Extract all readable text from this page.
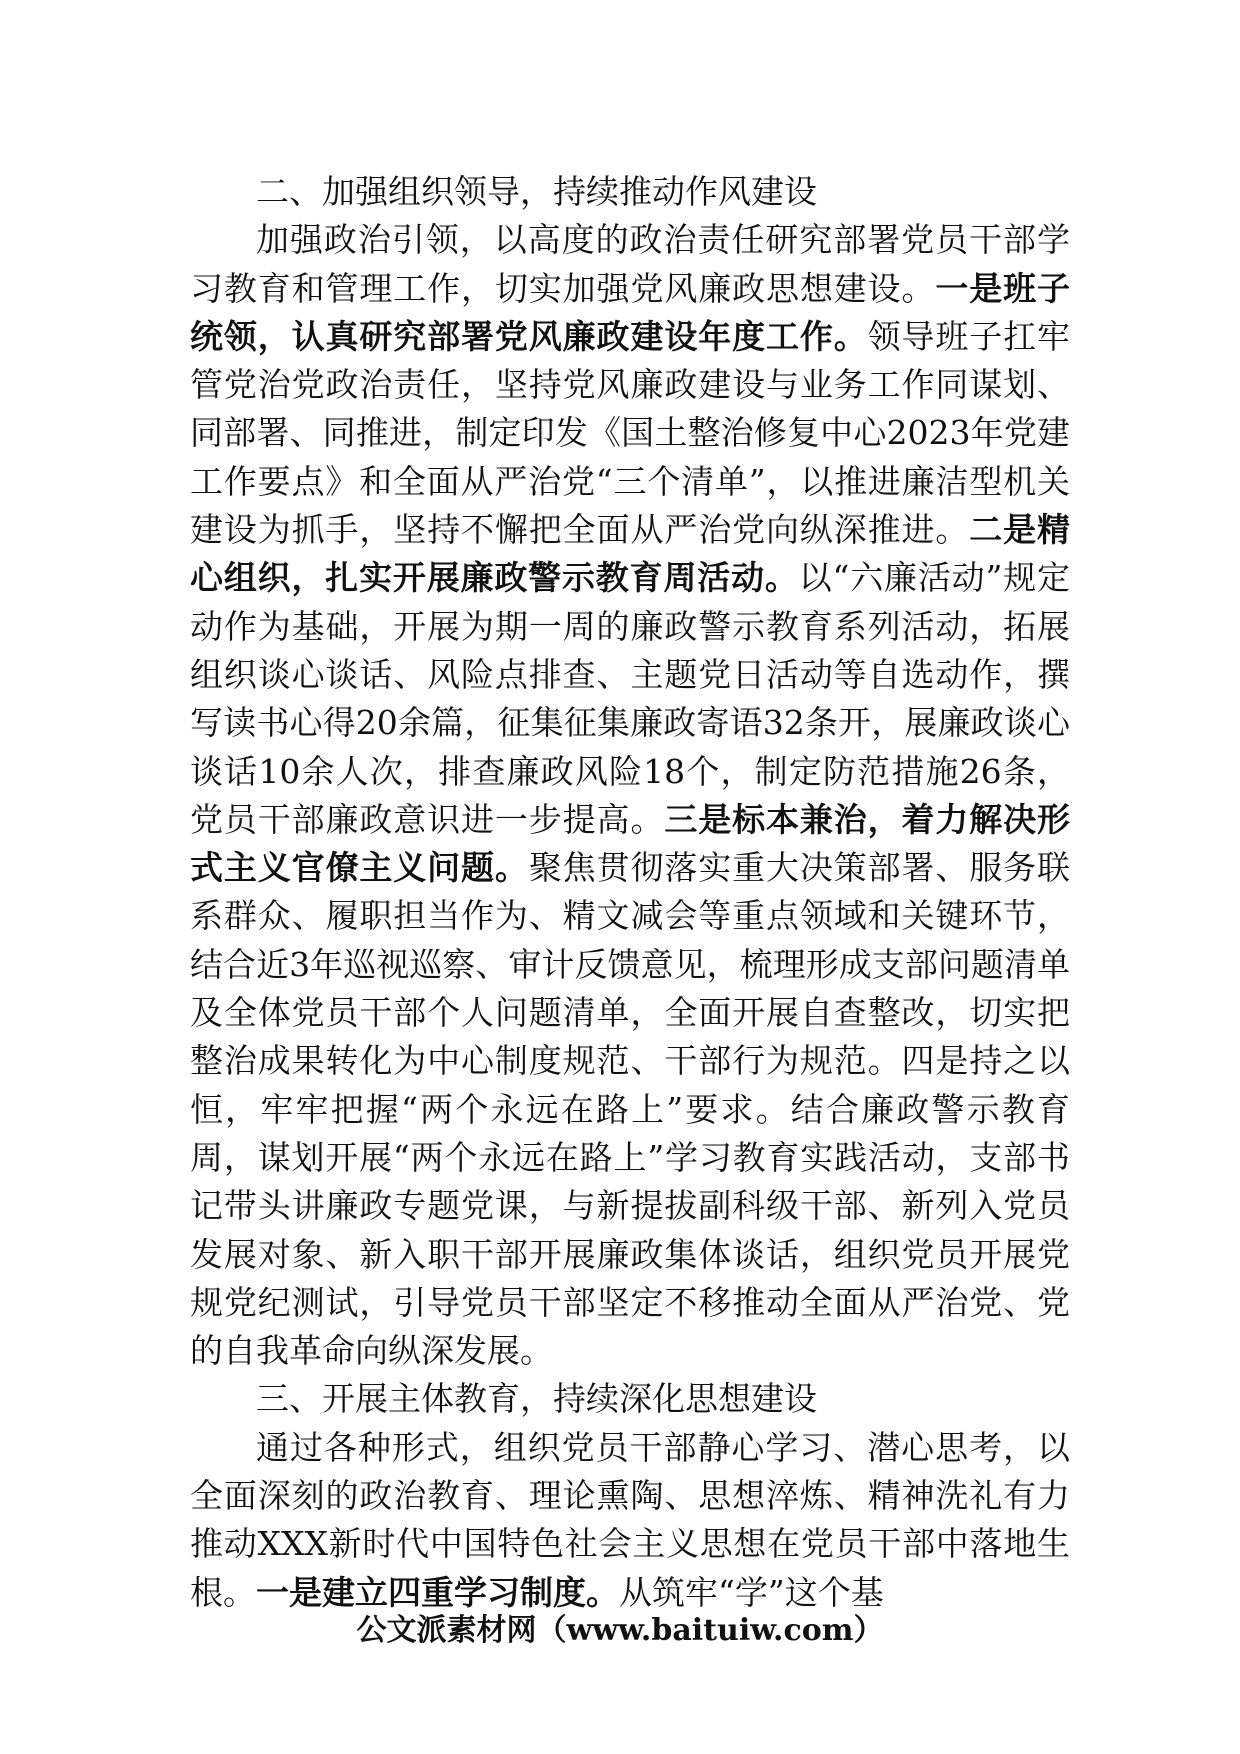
二、加强组织领导，持续推动作风建设

加强政治引领，以高度的政治责任研究部署党员干部学习教育和管理工作，切实加强党风廉政思想建设。一是班子统领，认真研究部署党风廉政建设年度工作。领导班子扛牢管党治党政治责任，坚持党风廉政建设与业务工作同谋划、同部署、同推进，制定印发《国土整治修复中心2023年党建工作要点》和全面从严治党“三个清单”，以推进廉洁型机关建设为抓手，坚持不懈把全面从严治党向纵深推进。二是精心组织，扎实开展廉政警示教育周活动。以“六廉活动”规定动作为基础，开展为期一周的廉政警示教育系列活动，拓展组织谈心谈话、风险点排查、主题党日活动等自选动作，撰写读书心得20余篇，征集征集廉政寄语32条开，展廉政谈心谈话10余人次，排查廉政风险18个，制定防范措施26条，党员干部廉政意识进一步提高。三是标本兼治，着力解决形式主义官僚主义问题。聚焦贯彻落实重大决策部署、服务联系群众、履职担当作为、精文减会等重点领域和关键环节，结合近3年巡视巡察、审计反馈意见，梳理形成支部问题清单及全体党员干部个人问题清单，全面开展自查整改，切实把整治成果转化为中心制度规范、干部行为规范。四是持之以恒，牢牢把握“两个永远在路上”要求。结合廉政警示教育周，谋划开展“两个永远在路上”学习教育实践活动，支部书记带头讲廉政专题党课，与新提拔副科级干部、新列入党员发展对象、新入职干部开展廉政集体谈话，组织党员开展党规党纪测试，引导党员干部坚定不移推动全面从严治党、党的自我革命向纵深发展。

三、开展主体教育，持续深化思想建设

通过各种形式，组织党员干部静心学习、潜心思考，以全面深刻的政治教育、理论熏陶、思想淬炼、精神洗礼有力推动XXX新时代中国特色社会主义思想在党员干部中落地生根。一是建立四重学习制度。从筑牢“学”这个基

公文派素材网（www.baituiw.com）
